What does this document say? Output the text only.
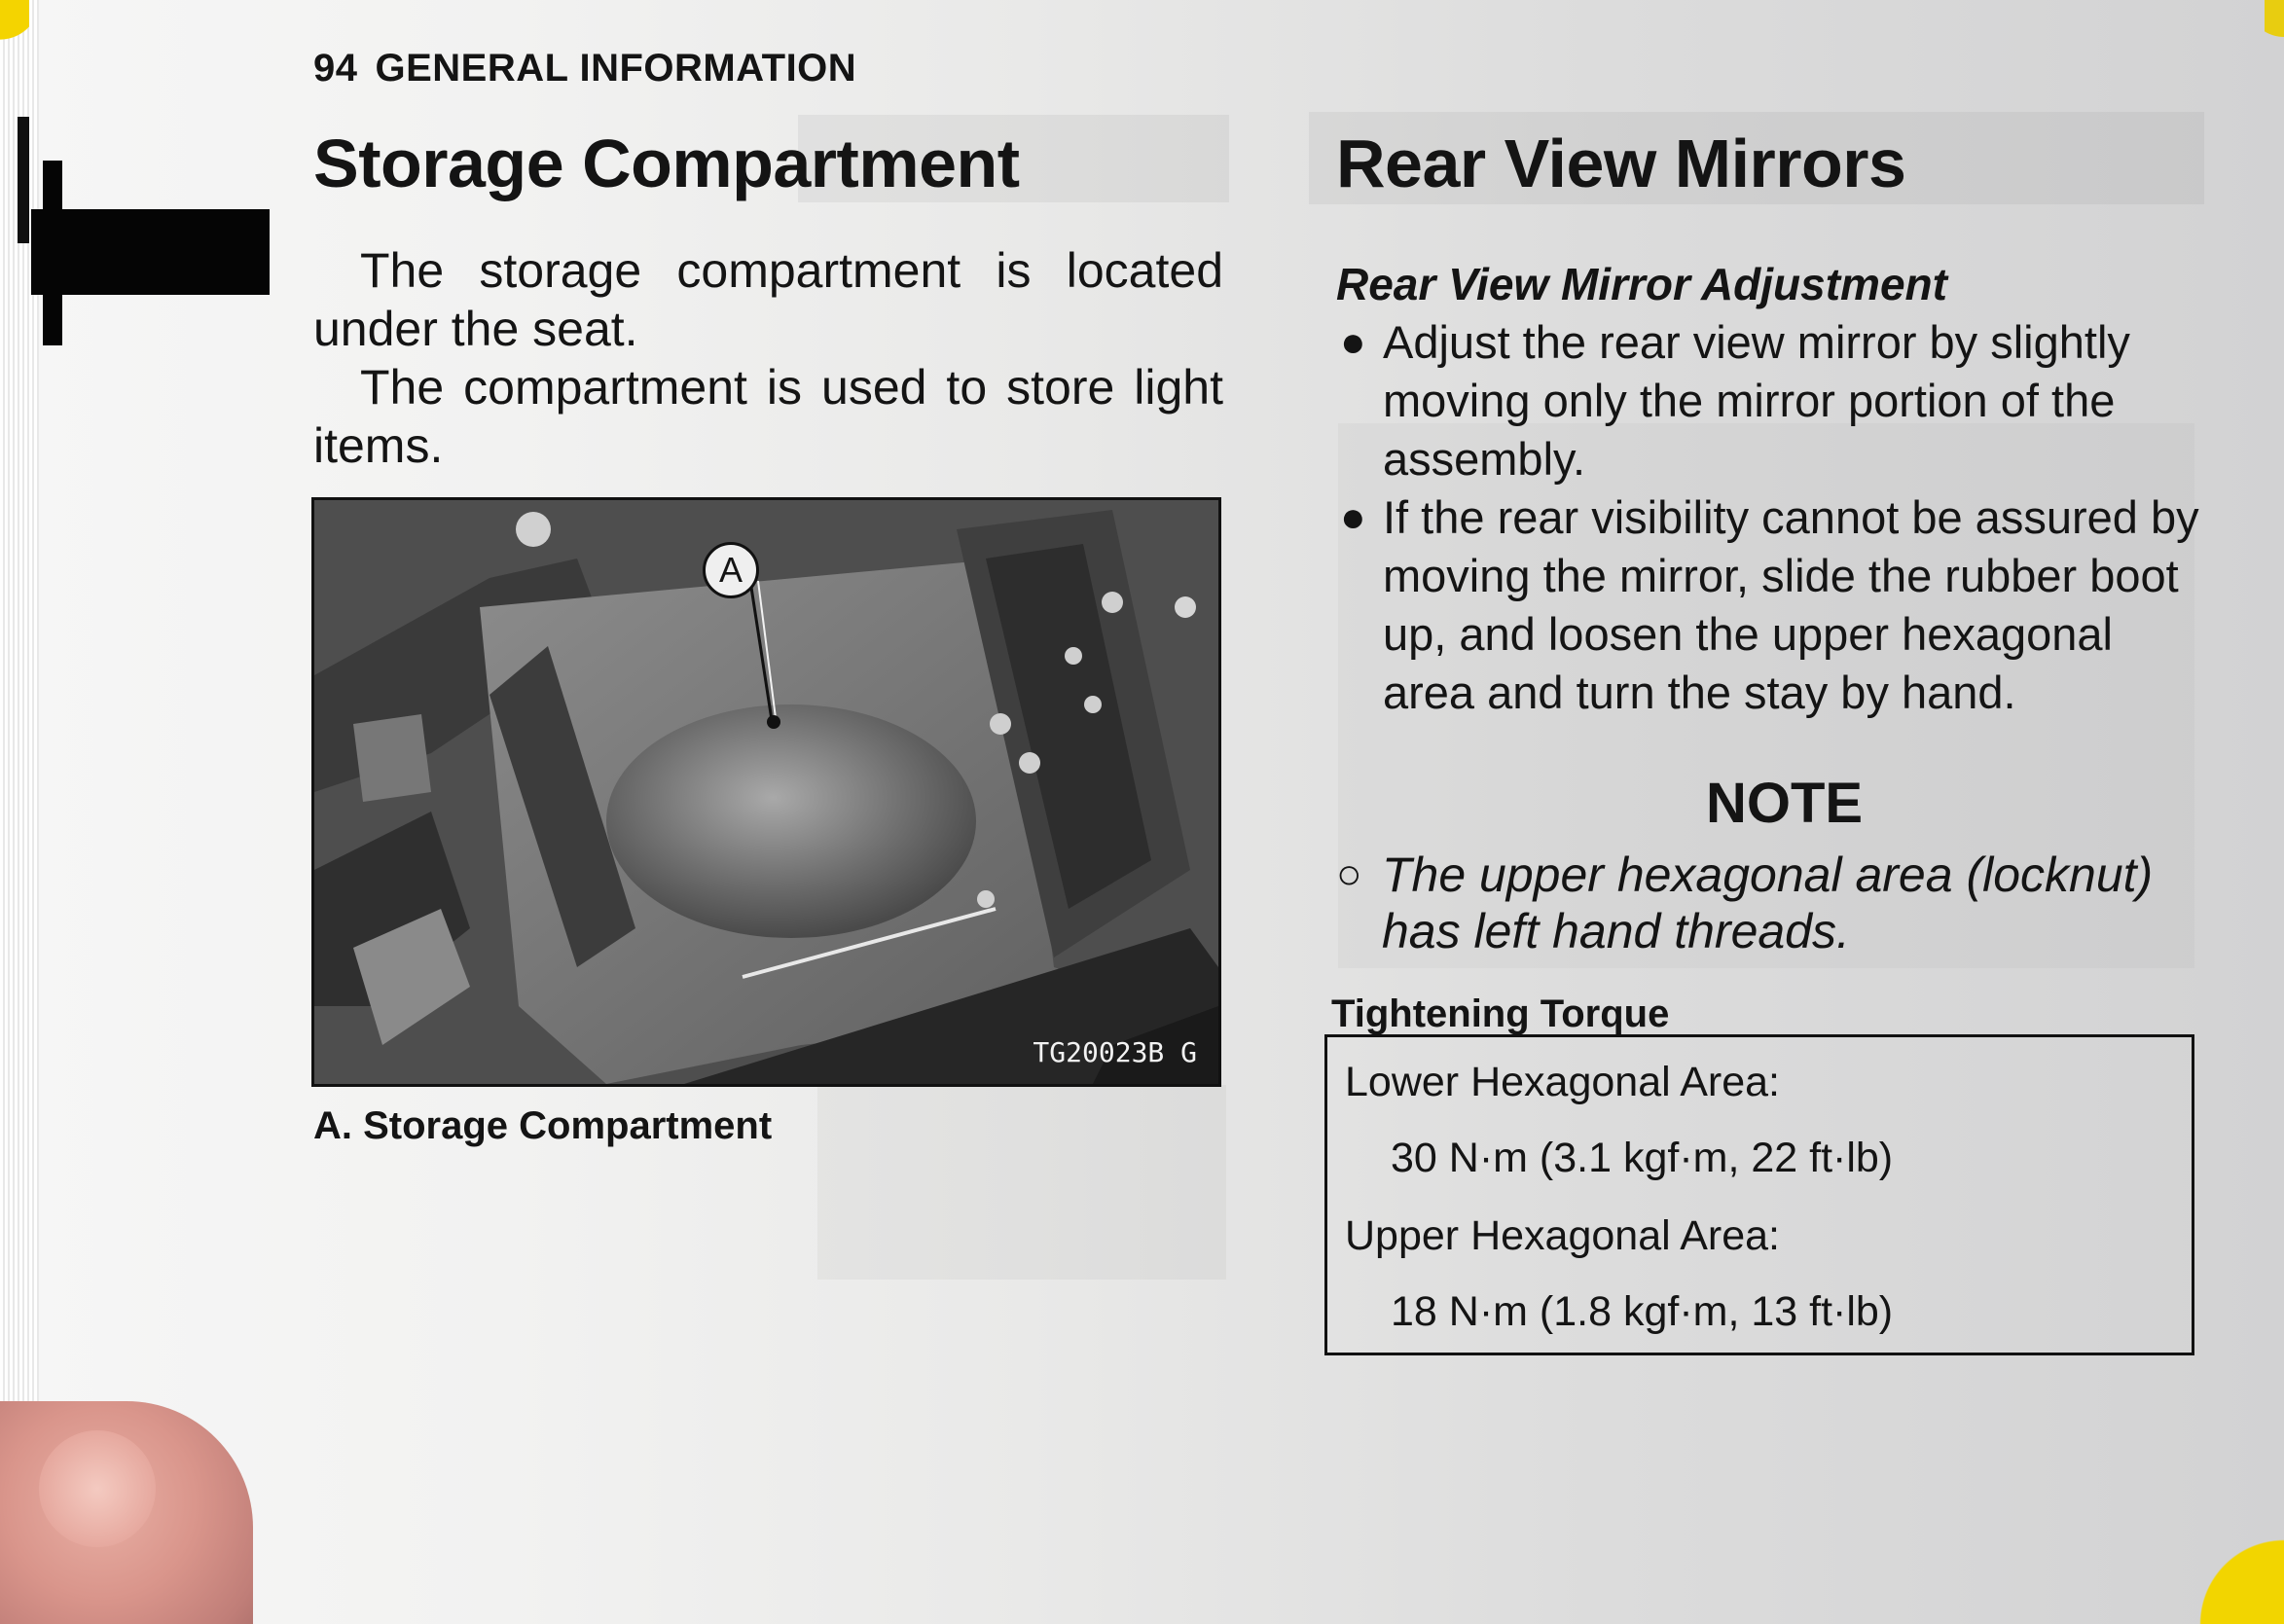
94 GENERAL INFORMATION
Storage Compartment
The storage compartment is located under the seat.
The compartment is used to store light items.
TG20023B G
A
A. Storage Compartment
Rear View Mirrors
Rear View Mirror Adjustment
● Adjust the rear view mirror by slightly moving only the mirror portion of the assembly.
● If the rear visibility cannot be assured by moving the mirror, slide the rubber boot up, and loosen the upper hexagonal area and turn the stay by hand.
NOTE
○ The upper hexagonal area (locknut) has left hand threads.
Tightening Torque
Lower Hexagonal Area:
30 N·m (3.1 kgf·m, 22 ft·lb)
Upper Hexagonal Area:
18 N·m (1.8 kgf·m, 13 ft·lb)
